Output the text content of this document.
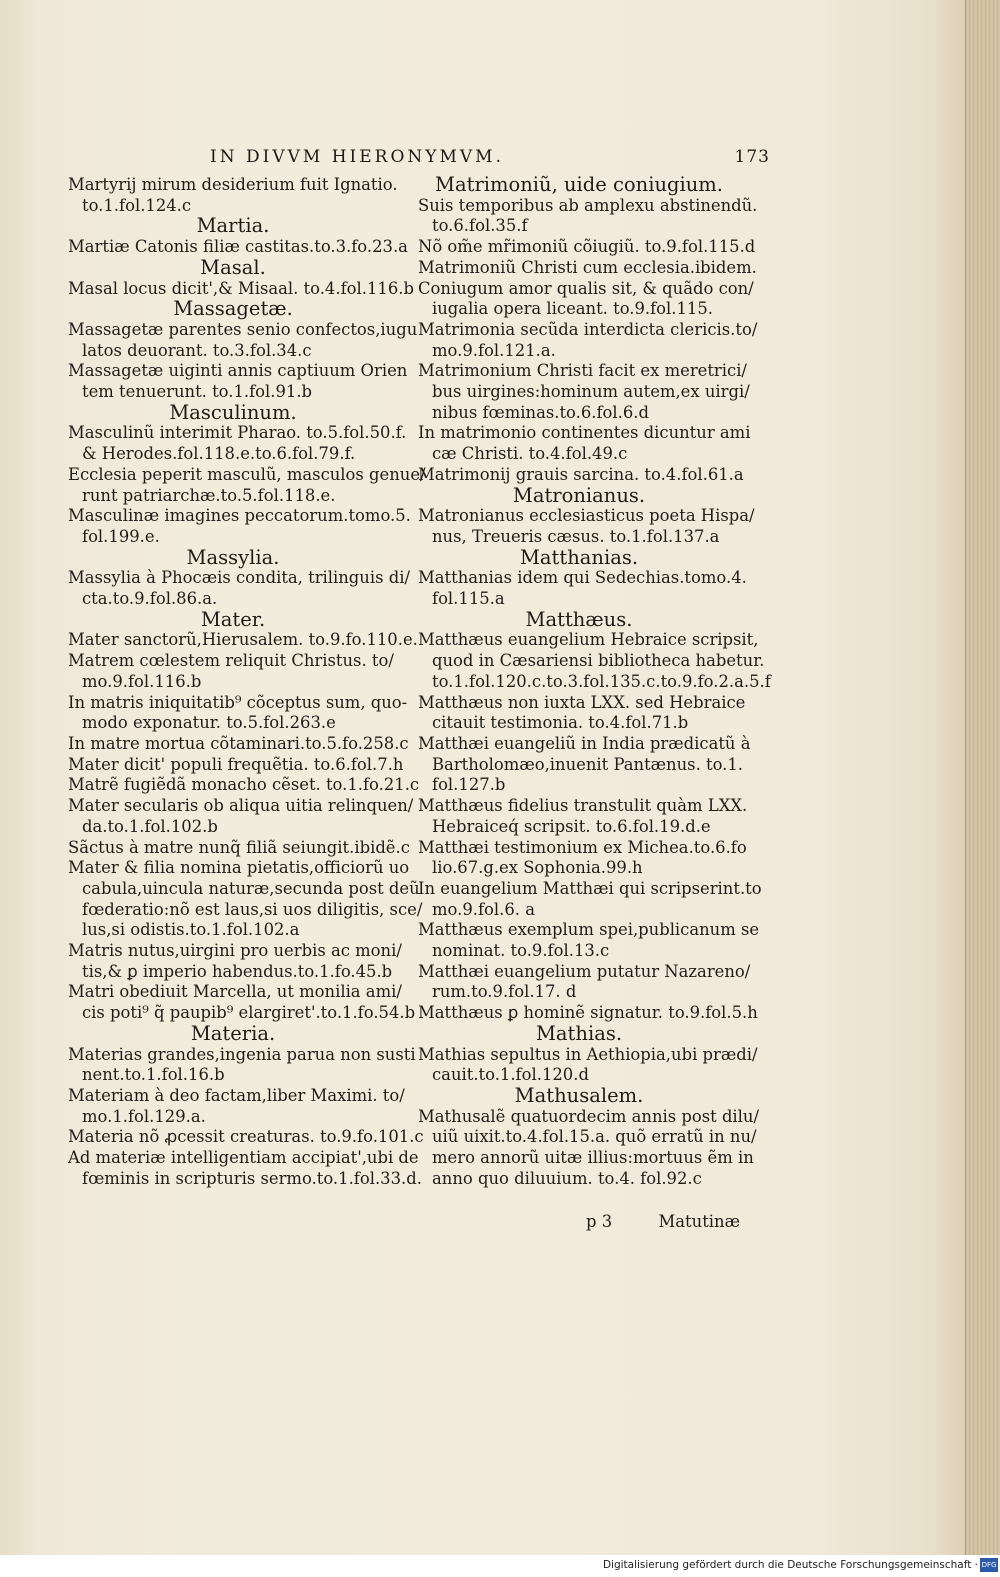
IN DIVVM HIERONYMVM.	173
Martyrij mirum desiderium fuit Ignatio.
to.1.fol.124.c
Martia.
Martiæ Catonis filiæ castitas.to.3.fo.23.a
Masal.
Masal locus dicit',& Misaal. to.4.fol.116.b
Massagetæ.
Massagetæ parentes senio confectos,iugu
latos deuorant. to.3.fol.34.c
Massagetæ uiginti annis captiuum Orien
tem tenuerunt. to.1.fol.91.b
Masculinum.
Masculinũ interimit Pharao. to.5.fol.50.f.
& Herodes.fol.118.e.to.6.fol.79.f.
Ecclesia peperit masculũ, masculos genue/
runt patriarchæ.to.5.fol.118.e.
Masculinæ imagines peccatorum.tomo.5.
fol.199.e.
Massylia.
Massylia à Phocæis condita, trilinguis di/
cta.to.9.fol.86.a.
Mater.
Mater sanctorũ,Hierusalem. to.9.fo.110.e.
Matrem cœlestem reliquit Christus. to/
mo.9.fol.116.b
In matris iniquitatib⁹ cõceptus sum, quo-
modo exponatur. to.5.fol.263.e
In matre mortua cõtaminari.to.5.fo.258.c
Mater dicit' populi frequẽtia. to.6.fol.7.h
Matrẽ fugiẽdã monacho cẽset. to.1.fo.21.c
Mater secularis ob aliqua uitia relinquen/
da.to.1.fol.102.b
Sãctus à matre nunq̃ filiã seiungit.ibidẽ.c
Mater & filia nomina pietatis,officiorũ uo
cabula,uincula naturæ,secunda post deũ
fœderatio:nõ est laus,si uos diligitis, sce/
lus,si odistis.to.1.fol.102.a
Matris nutus,uirgini pro uerbis ac moni/
tis,& ꝑ imperio habendus.to.1.fo.45.b
Matri obediuit Marcella, ut monilia ami/
cis poti⁹ q̃ paupib⁹ elargiret'.to.1.fo.54.b
Materia.
Materias grandes,ingenia parua non susti
nent.to.1.fol.16.b
Materiam à deo factam,liber Maximi. to/
mo.1.fol.129.a.
Materia nõ ꝓcessit creaturas. to.9.fo.101.c
Ad materiæ intelligentiam accipiat',ubi de
fœminis in scripturis sermo.to.1.fol.33.d.
Matrimoniũ, uide coniugium.
Suis temporibus ab amplexu abstinendũ.
to.6.fol.35.f
Nõ om̃e mr̃imoniũ cõiugiũ. to.9.fol.115.d
Matrimoniũ Christi cum ecclesia.ibidem.
Coniugum amor qualis sit, & quãdo con/
iugalia opera liceant. to.9.fol.115.
Matrimonia secũda interdicta clericis.to/
mo.9.fol.121.a.
Matrimonium Christi facit ex meretrici/
bus uirgines:hominum autem,ex uirgi/
nibus fœminas.to.6.fol.6.d
In matrimonio continentes dicuntur ami
cæ Christi. to.4.fol.49.c
Matrimonij grauis sarcina. to.4.fol.61.a
Matronianus.
Matronianus ecclesiasticus poeta Hispa/
nus, Treueris cæsus. to.1.fol.137.a
Matthanias.
Matthanias idem qui Sedechias.tomo.4.
fol.115.a
Matthæus.
Matthæus euangelium Hebraice scripsit,
quod in Cæsariensi bibliotheca habetur.
to.1.fol.120.c.to.3.fol.135.c.to.9.fo.2.a.5.f
Matthæus non iuxta LXX. sed Hebraice
citauit testimonia. to.4.fol.71.b
Matthæi euangeliũ in India prædicatũ à
Bartholomæo,inuenit Pantænus. to.1.
fol.127.b
Matthæus fidelius transtulit quàm LXX.
Hebraiceq́ scripsit. to.6.fol.19.d.e
Matthæi testimonium ex Michea.to.6.fo
lio.67.g.ex Sophonia.99.h
In euangelium Matthæi qui scripserint.to
mo.9.fol.6. a
Matthæus exemplum spei,publicanum se
nominat. to.9.fol.13.c
Matthæi euangelium putatur Nazareno/
rum.to.9.fol.17. d
Matthæus ꝑ hominẽ signatur. to.9.fol.5.h
Mathias.
Mathias sepultus in Aethiopia,ubi prædi/
cauit.to.1.fol.120.d
Mathusalem.
Mathusalẽ quatuordecim annis post dilu/
uiũ uixit.to.4.fol.15.a. quõ erratũ in nu/
mero annorũ uitæ illius:mortuus ẽm in
anno quo diluuium. to.4. fol.92.c
p 3	Matutinæ
Digitalisierung gefördert durch die Deutsche Forschungsgemeinschaft · DFG
